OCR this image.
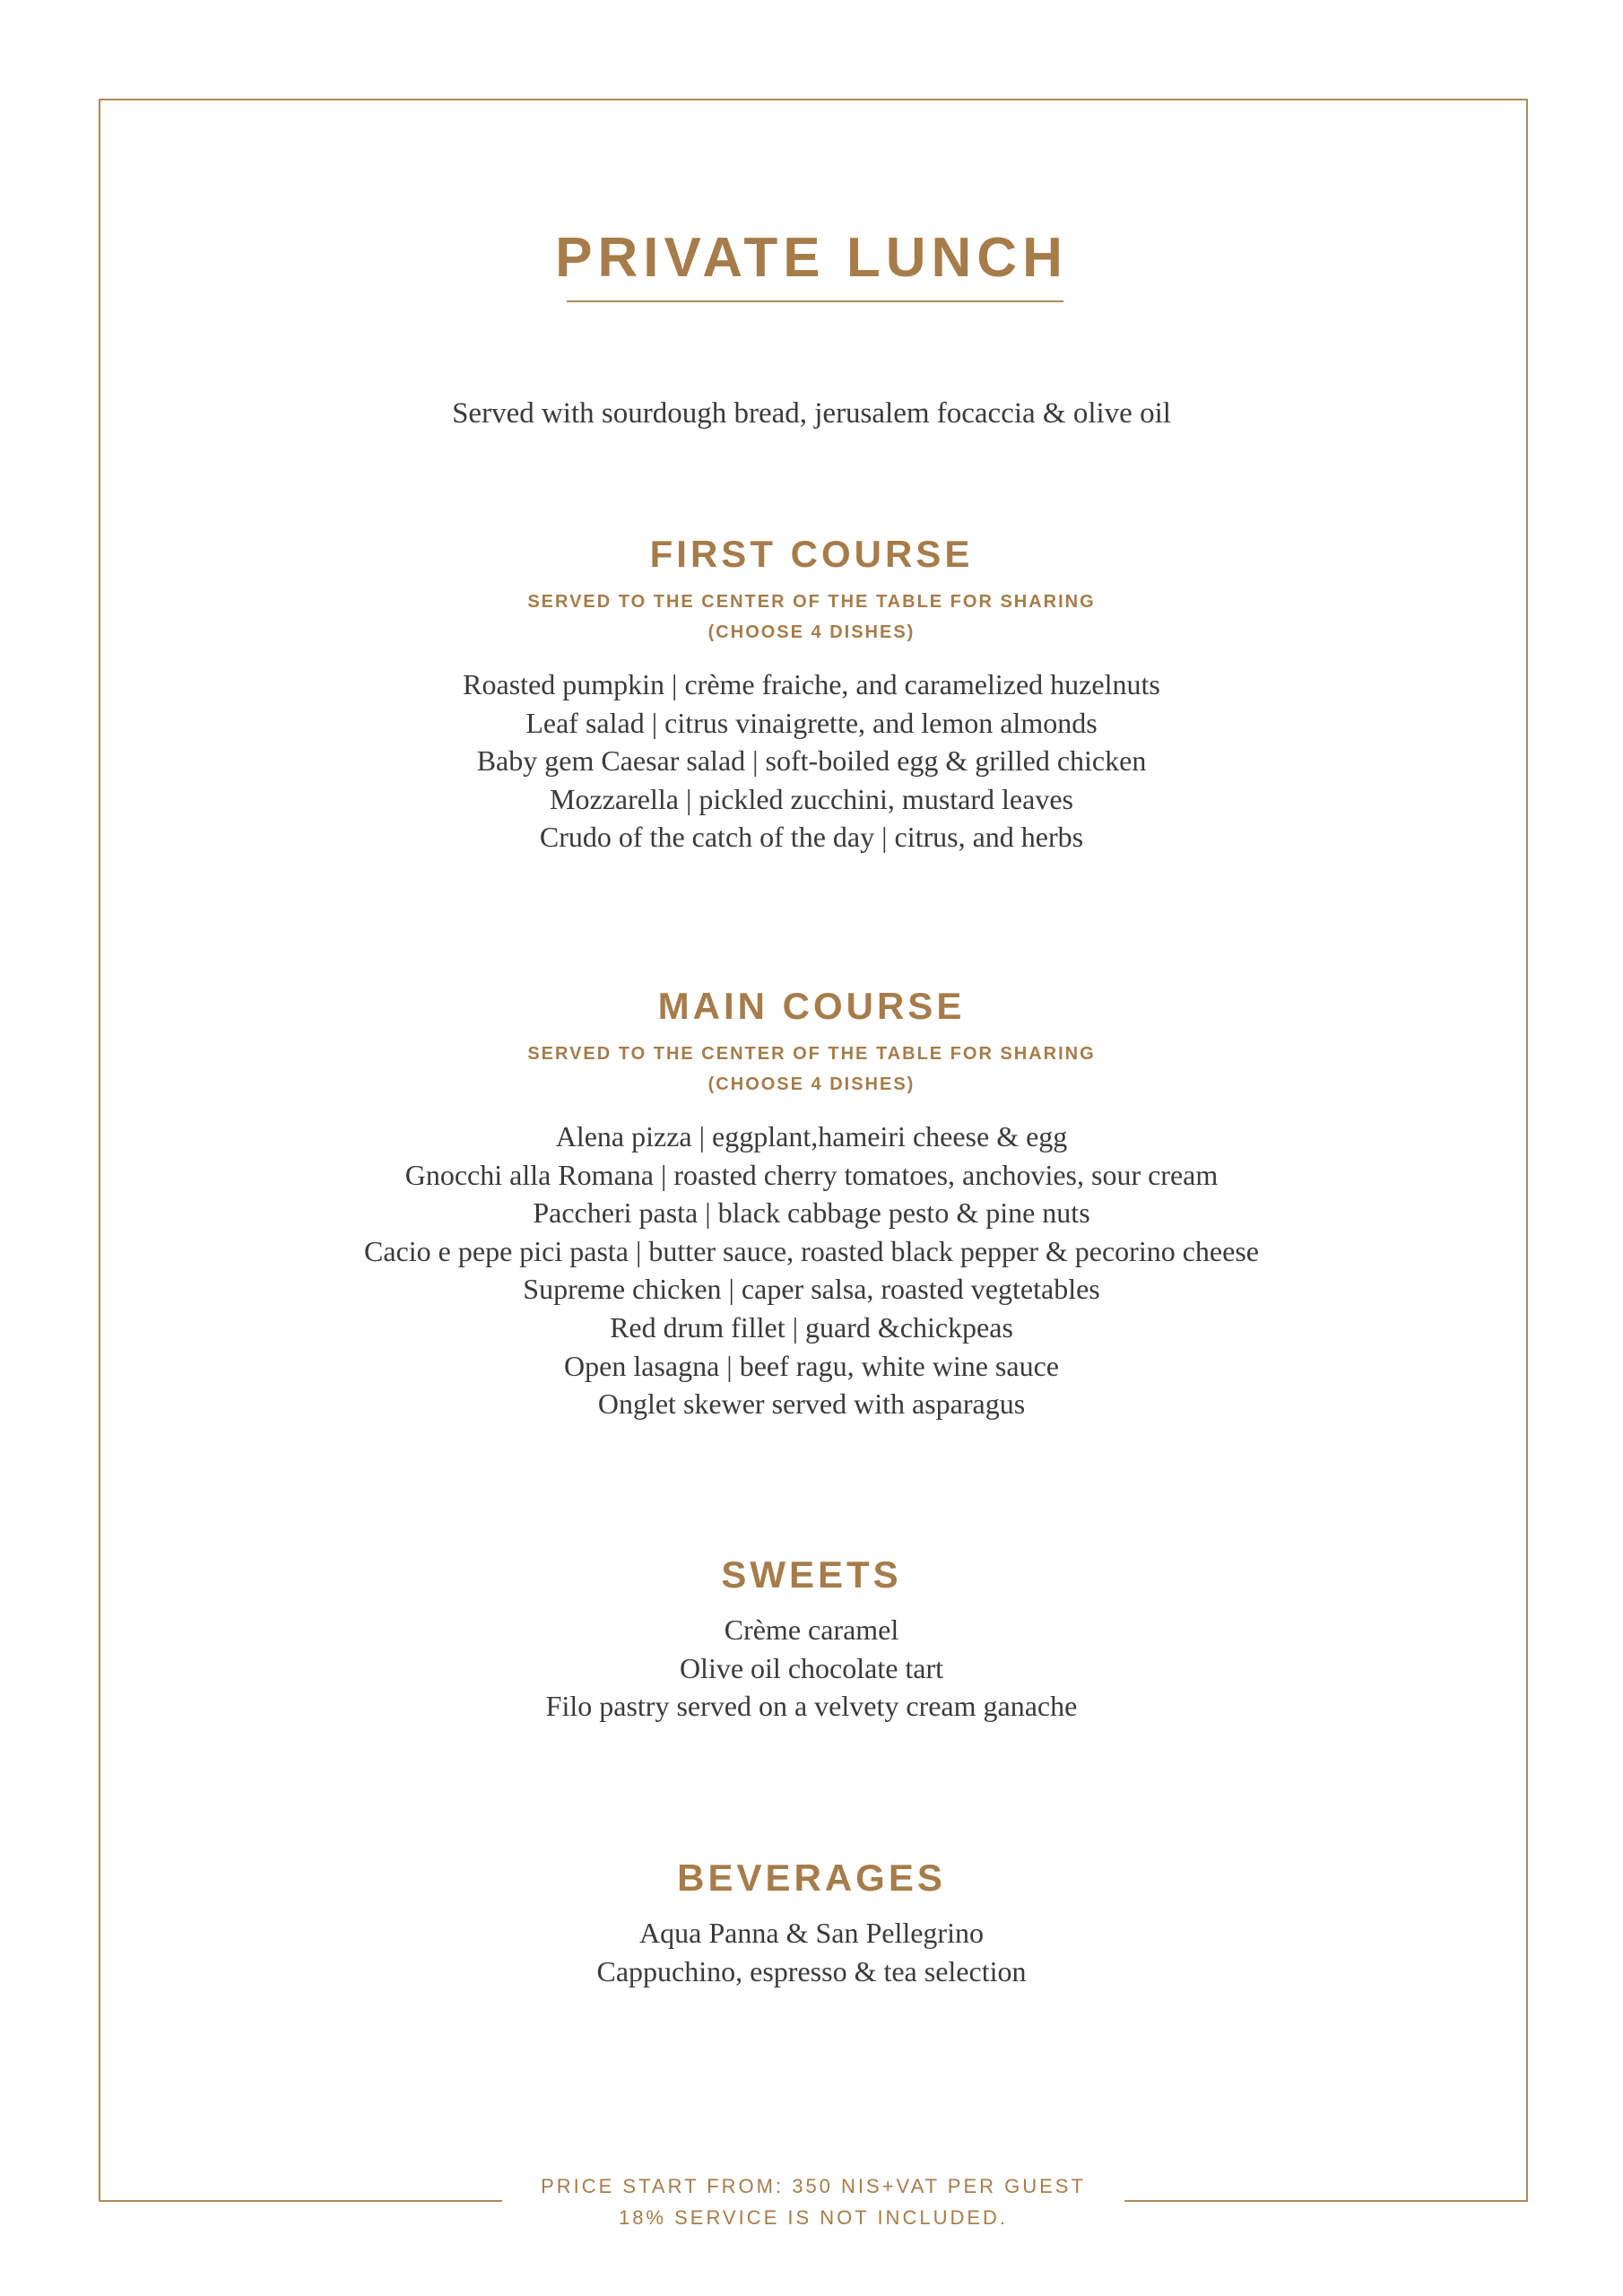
PRIVATE LUNCH
Served with sourdough bread, jerusalem focaccia & olive oil
FIRST COURSE
SERVED TO THE CENTER OF THE TABLE FOR SHARING
(CHOOSE 4 DISHES)
Roasted pumpkin | crème fraiche, and caramelized huzelnuts
Leaf salad | citrus vinaigrette, and lemon almonds
Baby gem Caesar salad | soft-boiled egg & grilled chicken
Mozzarella | pickled zucchini, mustard leaves
Crudo of the catch of the day | citrus, and herbs
MAIN COURSE
SERVED TO THE CENTER OF THE TABLE FOR SHARING
(CHOOSE 4 DISHES)
Alena pizza | eggplant,hameiri cheese & egg
Gnocchi alla Romana | roasted cherry tomatoes, anchovies, sour cream
Paccheri pasta | black cabbage pesto & pine nuts
Cacio e pepe pici pasta | butter sauce, roasted black pepper & pecorino cheese
Supreme chicken | caper salsa, roasted vegtetables
Red drum fillet | guard &chickpeas
Open lasagna | beef ragu, white wine sauce
Onglet skewer served with asparagus
SWEETS
Crème caramel
Olive oil chocolate tart
Filo pastry served on a velvety cream ganache
BEVERAGES
Aqua Panna & San Pellegrino
Cappuchino, espresso & tea selection
PRICE START FROM: 350 NIS+VAT PER GUEST
18% SERVICE IS NOT INCLUDED.
